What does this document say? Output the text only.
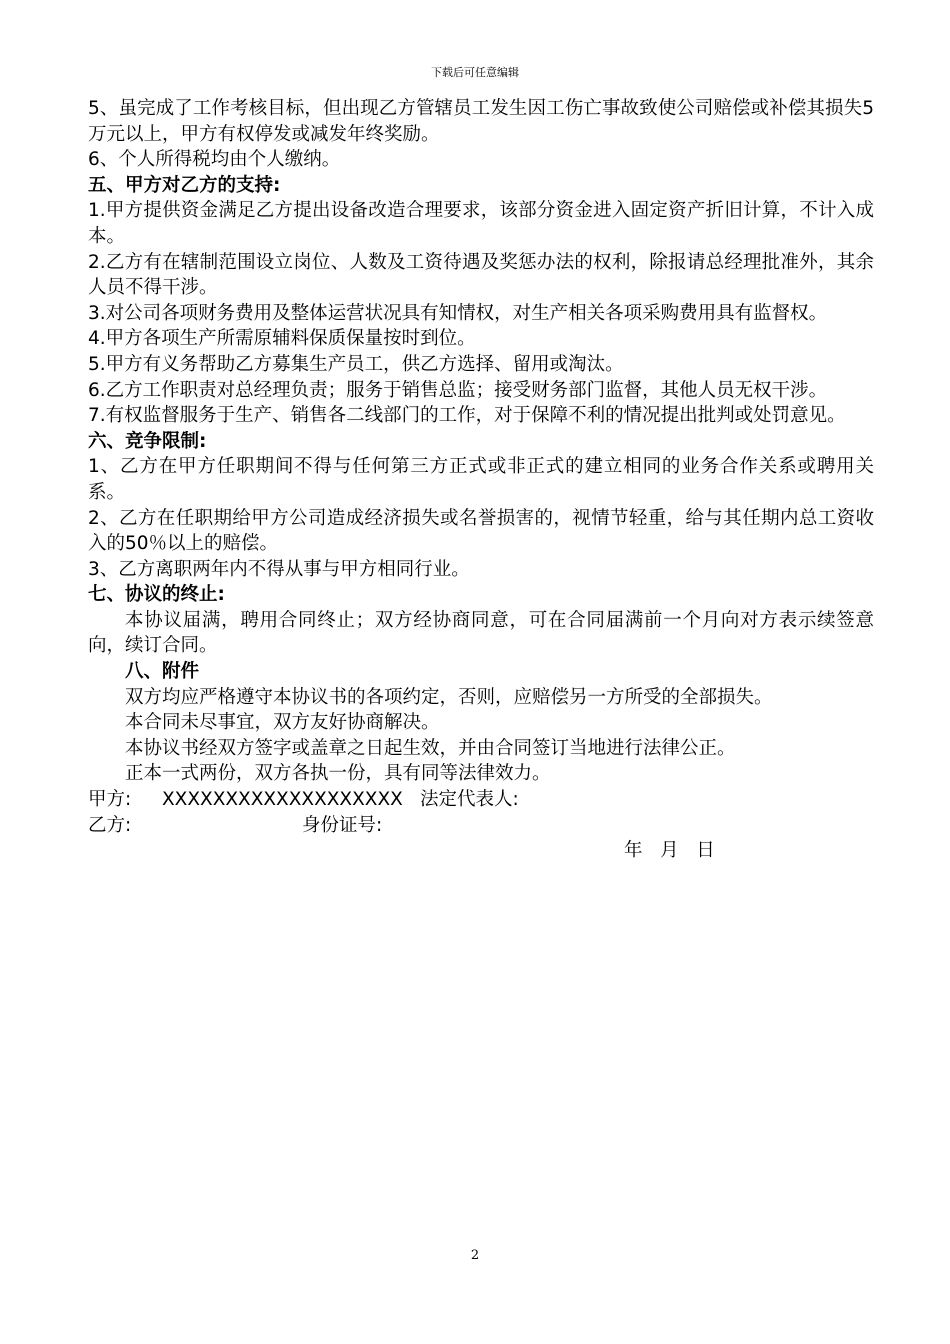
下载后可任意编辑

5、虽完成了工作考核目标，但出现乙方管辖员工发生因工伤亡事故致使公司赔偿或补偿其损失5万元以上，甲方有权停发或减发年终奖励。

6、个人所得税均由个人缴纳。

五、甲方对乙方的支持:

1.甲方提供资金满足乙方提出设备改造合理要求，该部分资金进入固定资产折旧计算，不计入成本。

2.乙方有在辖制范围设立岗位、人数及工资待遇及奖惩办法的权利，除报请总经理批准外，其余人员不得干涉。

3.对公司各项财务费用及整体运营状况具有知情权，对生产相关各项采购费用具有监督权。

4.甲方各项生产所需原辅料保质保量按时到位。

5.甲方有义务帮助乙方募集生产员工，供乙方选择、留用或淘汰。

6.乙方工作职责对总经理负责；服务于销售总监；接受财务部门监督，其他人员无权干涉。

7.有权监督服务于生产、销售各二线部门的工作，对于保障不利的情况提出批判或处罚意见。

六、竞争限制:

1、乙方在甲方任职期间不得与任何第三方正式或非正式的建立相同的业务合作关系或聘用关系。

2、乙方在任职期给甲方公司造成经济损失或名誉损害的，视情节轻重，给与其任期内总工资收入的50％以上的赔偿。

3、乙方离职两年内不得从事与甲方相同行业。

七、协议的终止:

本协议届满，聘用合同终止；双方经协商同意，可在合同届满前一个月向对方表示续签意向，续订合同。

八、附件

双方均应严格遵守本协议书的各项约定，否则，应赔偿另一方所受的全部损失。

本合同未尽事宜，双方友好协商解决。

本协议书经双方签字或盖章之日起生效，并由合同签订当地进行法律公正。

正本一式两份，双方各执一份，具有同等法律效力。

甲方: XXXXXXXXXXXXXXXXXXX 法定代表人:
乙方:	身份证号:
年   月   日
2
